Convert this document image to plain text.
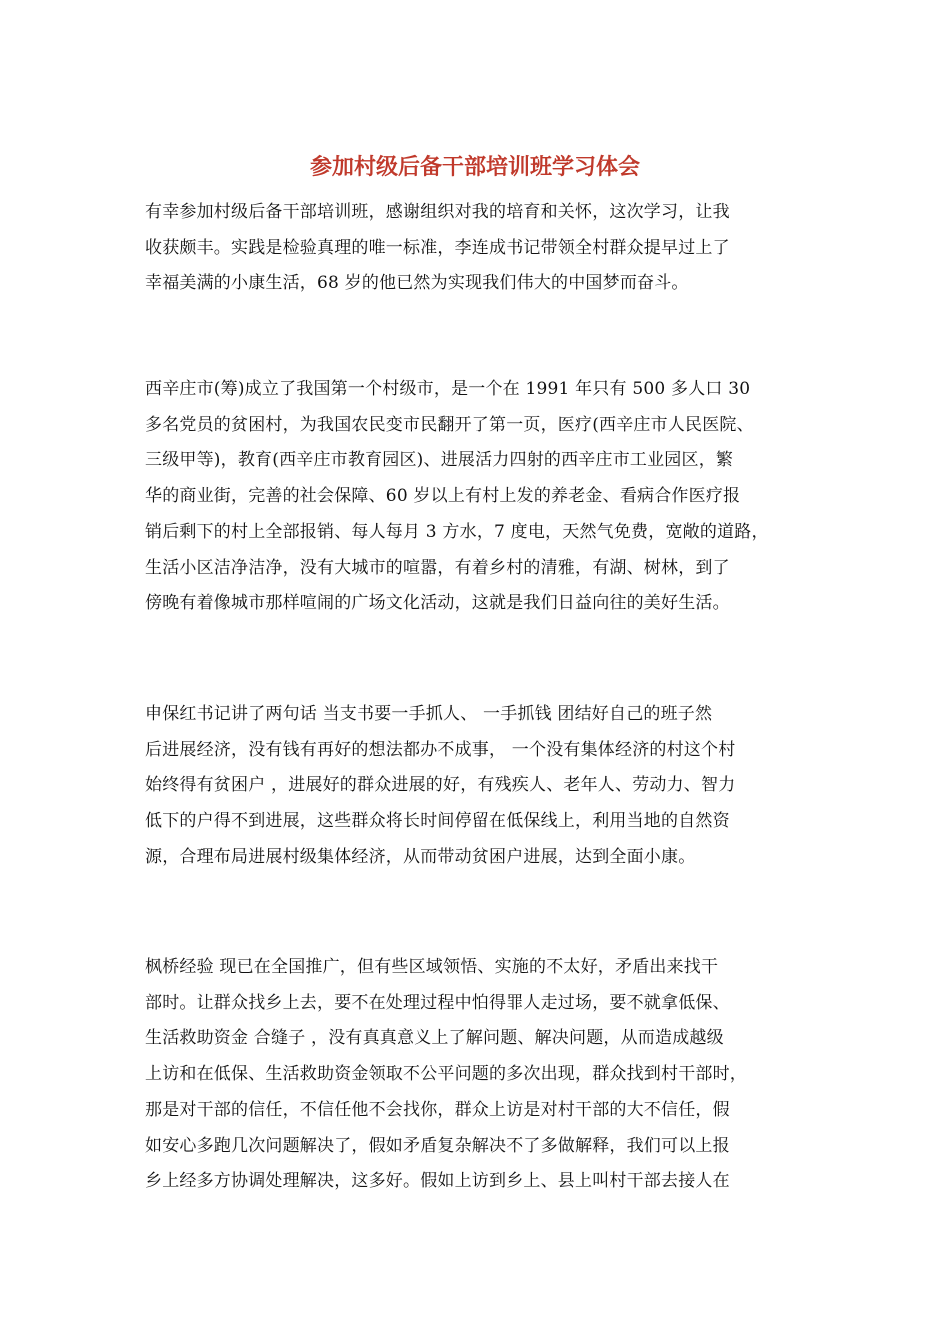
参加村级后备干部培训班学习体会
有幸参加村级后备干部培训班，感谢组织对我的培育和关怀，这次学习，让我
收获颇丰。实践是检验真理的唯一标准，李连成书记带领全村群众提早过上了
幸福美满的小康生活，68 岁的他已然为实现我们伟大的中国梦而奋斗。
西辛庄市(筹)成立了我国第一个村级市，是一个在 1991 年只有 500 多人口 30
多名党员的贫困村，为我国农民变市民翻开了第一页，医疗(西辛庄市人民医院、
三级甲等)，教育(西辛庄市教育园区)、进展活力四射的西辛庄市工业园区，繁
华的商业街，完善的社会保障、60 岁以上有村上发的养老金、看病合作医疗报
销后剩下的村上全部报销、每人每月 3 方水，7 度电，天然气免费，宽敞的道路，
生活小区洁净洁净，没有大城市的喧嚣，有着乡村的清雅，有湖、树林，到了
傍晚有着像城市那样喧闹的广场文化活动，这就是我们日益向往的美好生活。
申保红书记讲了两句话 当支书要一手抓人、 一手抓钱 团结好自己的班子然
后进展经济，没有钱有再好的想法都办不成事， 一个没有集体经济的村这个村
始终得有贫困户 ，进展好的群众进展的好，有残疾人、老年人、劳动力、智力
低下的户得不到进展，这些群众将长时间停留在低保线上，利用当地的自然资
源，合理布局进展村级集体经济，从而带动贫困户进展，达到全面小康。
枫桥经验 现已在全国推广，但有些区域领悟、实施的不太好，矛盾出来找干
部时。让群众找乡上去，要不在处理过程中怕得罪人走过场，要不就拿低保、
生活救助资金 合缝子 ，没有真真意义上了解问题、解决问题，从而造成越级
上访和在低保、生活救助资金领取不公平问题的多次出现，群众找到村干部时，
那是对干部的信任，不信任他不会找你，群众上访是对村干部的大不信任，假
如安心多跑几次问题解决了，假如矛盾复杂解决不了多做解释，我们可以上报
乡上经多方协调处理解决，这多好。假如上访到乡上、县上叫村干部去接人在
